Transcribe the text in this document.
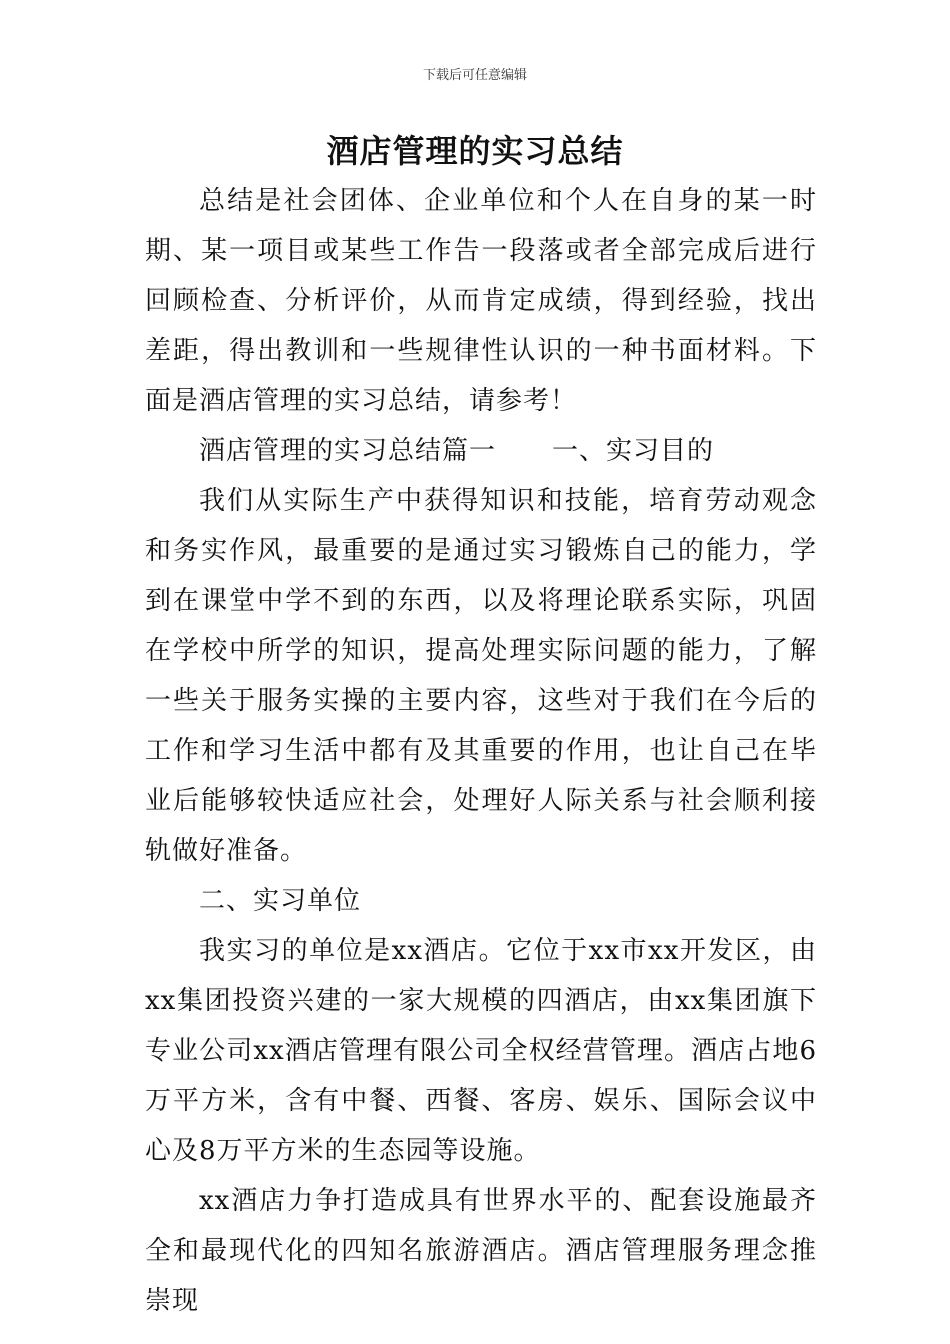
下载后可任意编辑
酒店管理的实习总结

总结是社会团体、企业单位和个人在自身的某一时期、某一项目或某些工作告一段落或者全部完成后进行回顾检查、分析评价，从而肯定成绩，得到经验，找出差距，得出教训和一些规律性认识的一种书面材料。下面是酒店管理的实习总结，请参考！

酒店管理的实习总结篇一 一、实习目的

我们从实际生产中获得知识和技能，培育劳动观念和务实作风，最重要的是通过实习锻炼自己的能力，学到在课堂中学不到的东西，以及将理论联系实际，巩固在学校中所学的知识，提高处理实际问题的能力，了解一些关于服务实操的主要内容，这些对于我们在今后的工作和学习生活中都有及其重要的作用，也让自己在毕业后能够较快适应社会，处理好人际关系与社会顺利接轨做好准备。

二、实习单位

我实习的单位是xx酒店。它位于xx市xx开发区，由xx集团投资兴建的一家大规模的四酒店，由xx集团旗下专业公司xx酒店管理有限公司全权经营管理。酒店占地6万平方米，含有中餐、西餐、客房、娱乐、国际会议中心及8万平方米的生态园等设施。

xx酒店力争打造成具有世界水平的、配套设施最齐全和最现代化的四知名旅游酒店。酒店管理服务理念推崇现
